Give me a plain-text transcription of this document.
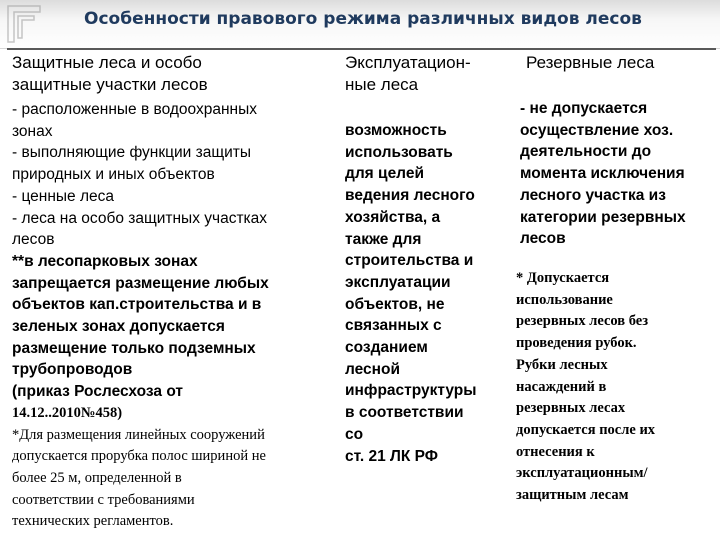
Особенности правового режима различных видов лесов
Защитные леса и особо
защитные участки лесов
Эксплуатацион-
ные леса
Резервные леса
- расположенные в водоохранных
зонах
- выполняющие функции защиты
природных и иных объектов
- ценные леса
- леса на особо защитных участках
лесов
**в лесопарковых зонах
запрещается размещение любых
объектов кап.строительства и в
зеленых зонах допускается
размещение только подземных
трубопроводов
(приказ Рослесхоза от
14.12..2010№458)
*Для размещения линейных сооружений
допускается прорубка полос шириной не
более 25 м, определенной в
соответствии с требованиями
технических регламентов.
возможность
использовать
для целей
ведения лесного
хозяйства, а
также для
строительства и
эксплуатации
объектов, не
связанных с
созданием
лесной
инфраструктуры
в соответствии
со
ст. 21 ЛК РФ
- не допускается
осуществление хоз.
деятельности до
момента исключения
лесного участка из
категории резервных
лесов
* Допускается
использование
резервных лесов без
проведения рубок.
Рубки лесных
насаждений в
резервных лесах
допускается после их
отнесения к
эксплуатационным/
защитным лесам
